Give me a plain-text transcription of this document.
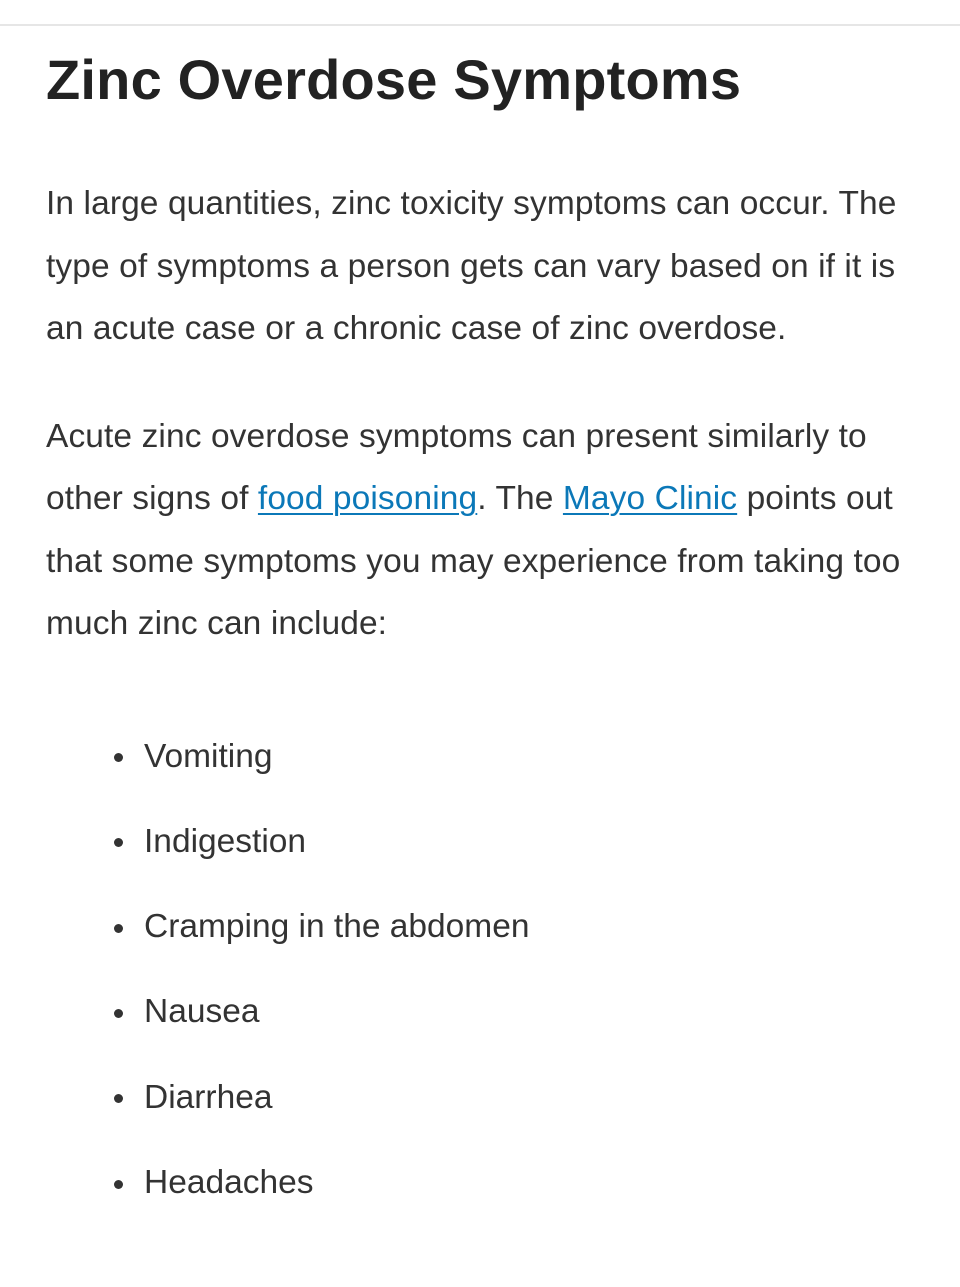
Zinc Overdose Symptoms

In large quantities, zinc toxicity symptoms can occur. The type of symptoms a person gets can vary based on if it is an acute case or a chronic case of zinc overdose.

Acute zinc overdose symptoms can present similarly to other signs of food poisoning. The Mayo Clinic points out that some symptoms you may experience from taking too much zinc can include:

Vomiting
Indigestion
Cramping in the abdomen
Nausea
Diarrhea
Headaches
